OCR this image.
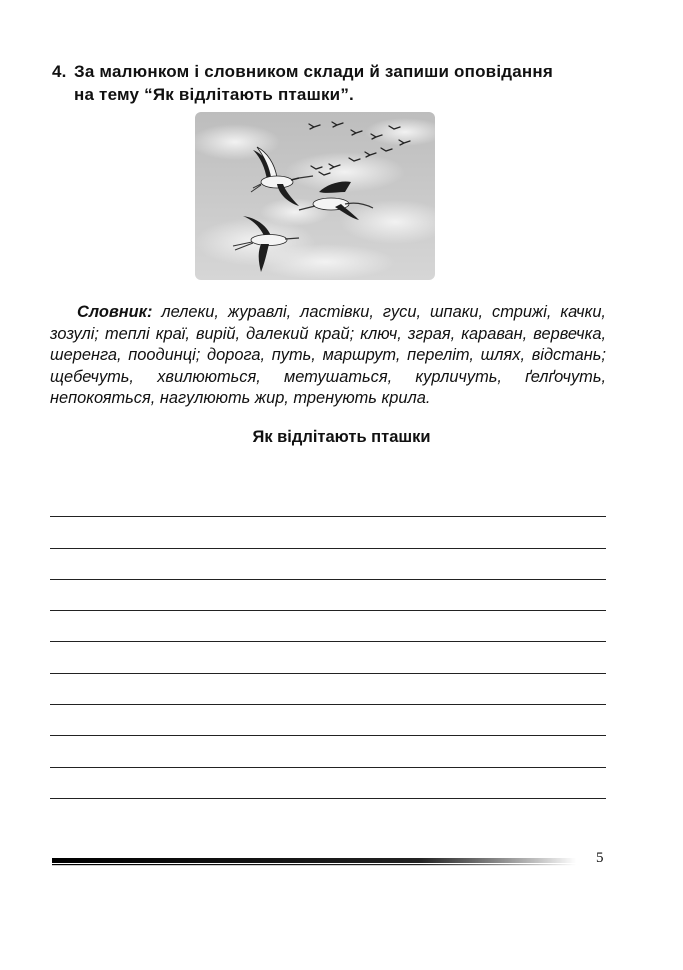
4. За малюнком і словником склади й запиши оповідання
на тему “Як відлітають пташки”.
Словник: лелеки, журавлі, ластівки, гуси, шпаки, стрижі, качки, зозулі; теплі краї, вирій, далекий край; ключ, зграя, караван, вервечка, шеренга, поодинці; дорога, путь, маршрут, переліт, шлях, відстань; щебечуть, хвилюються, метушаться, курличуть, ґелґочуть, непокояться, нагулюють жир, тренують крила.
Як відлітають пташки
5
